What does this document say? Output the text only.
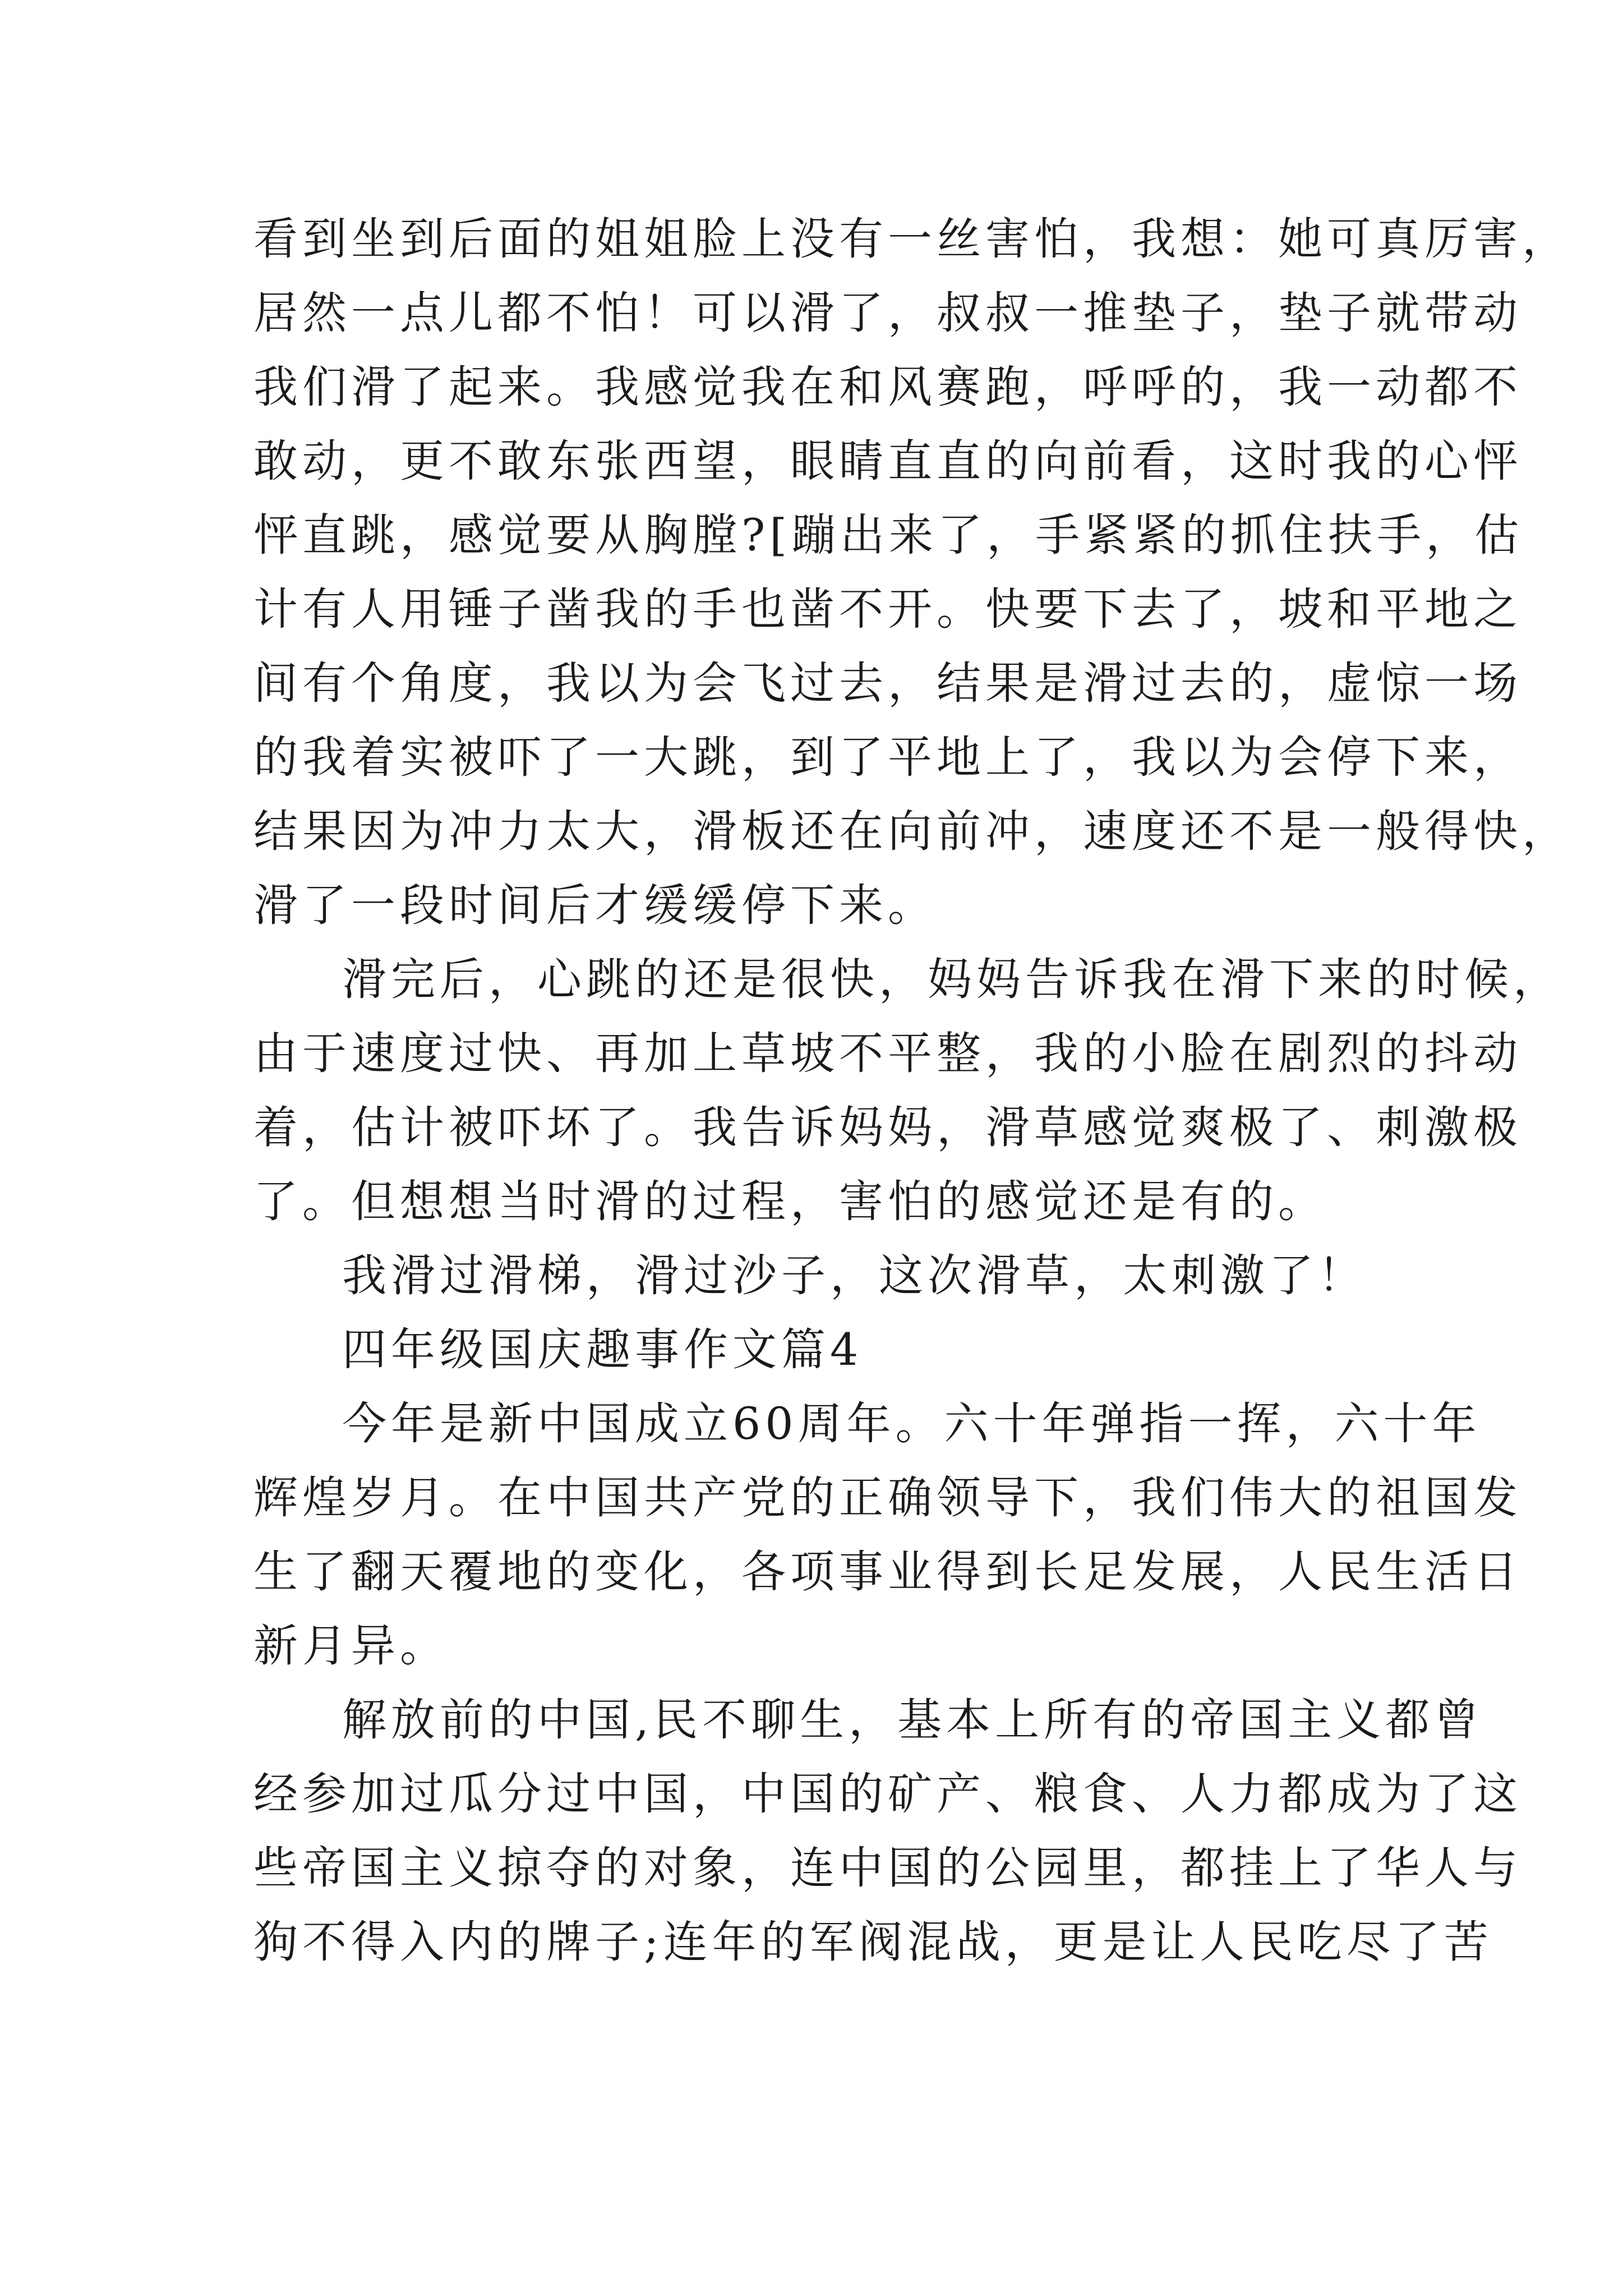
看到坐到后面的姐姐脸上没有一丝害怕，我想：她可真厉害，
居然一点儿都不怕！可以滑了，叔叔一推垫子，垫子就带动
我们滑了起来。我感觉我在和风赛跑，呼呼的，我一动都不
敢动，更不敢东张西望，眼睛直直的向前看，这时我的心怦
怦直跳，感觉要从胸膛?[蹦出来了，手紧紧的抓住扶手，估
计有人用锤子凿我的手也凿不开。快要下去了，坡和平地之
间有个角度，我以为会飞过去，结果是滑过去的，虚惊一场
的我着实被吓了一大跳，到了平地上了，我以为会停下来，
结果因为冲力太大，滑板还在向前冲，速度还不是一般得快，
滑了一段时间后才缓缓停下来。
滑完后，心跳的还是很快，妈妈告诉我在滑下来的时候，
由于速度过快、再加上草坡不平整，我的小脸在剧烈的抖动
着，估计被吓坏了。我告诉妈妈，滑草感觉爽极了、刺激极
了。但想想当时滑的过程，害怕的感觉还是有的。
我滑过滑梯，滑过沙子，这次滑草，太刺激了！
四年级国庆趣事作文篇4
今年是新中国成立60周年。六十年弹指一挥，六十年
辉煌岁月。在中国共产党的正确领导下，我们伟大的祖国发
生了翻天覆地的变化，各项事业得到长足发展，人民生活日
新月异。
解放前的中国,民不聊生，基本上所有的帝国主义都曾
经参加过瓜分过中国，中国的矿产、粮食、人力都成为了这
些帝国主义掠夺的对象，连中国的公园里，都挂上了华人与
狗不得入内的牌子;连年的军阀混战，更是让人民吃尽了苦
